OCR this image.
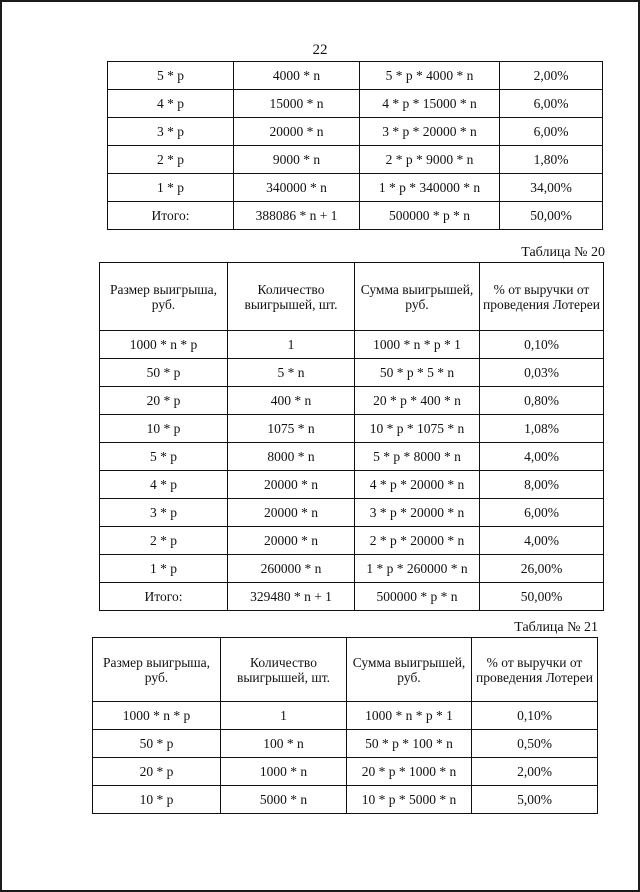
22
5 * p	4000 * n	5 * p * 4000 * n	2,00%
4 * p	15000 * n	4 * p * 15000 * n	6,00%
3 * p	20000 * n	3 * p * 20000 * n	6,00%
2 * p	9000 * n	2 * p * 9000 * n	1,80%
1 * p	340000 * n	1 * p * 340000 * n	34,00%
Итого:	388086 * n + 1	500000 * p * n	50,00%
Таблица № 20
Размер выигрыша, руб.	Количество выигрышей, шт.	Сумма выигрышей, руб.	% от выручки от проведения Лотереи
1000 * n * p	1	1000 * n * p * 1	0,10%
50 * p	5 * n	50 * p * 5 * n	0,03%
20 * p	400 * n	20 * p * 400 * n	0,80%
10 * p	1075 * n	10 * p * 1075 * n	1,08%
5 * p	8000 * n	5 * p * 8000 * n	4,00%
4 * p	20000 * n	4 * p * 20000 * n	8,00%
3 * p	20000 * n	3 * p * 20000 * n	6,00%
2 * p	20000 * n	2 * p * 20000 * n	4,00%
1 * p	260000 * n	1 * p * 260000 * n	26,00%
Итого:	329480 * n + 1	500000 * p * n	50,00%
Таблица № 21
Размер выигрыша, руб.	Количество выигрышей, шт.	Сумма выигрышей, руб.	% от выручки от проведения Лотереи
1000 * n * p	1	1000 * n * p * 1	0,10%
50 * p	100 * n	50 * p * 100 * n	0,50%
20 * p	1000 * n	20 * p * 1000 * n	2,00%
10 * p	5000 * n	10 * p * 5000 * n	5,00%
